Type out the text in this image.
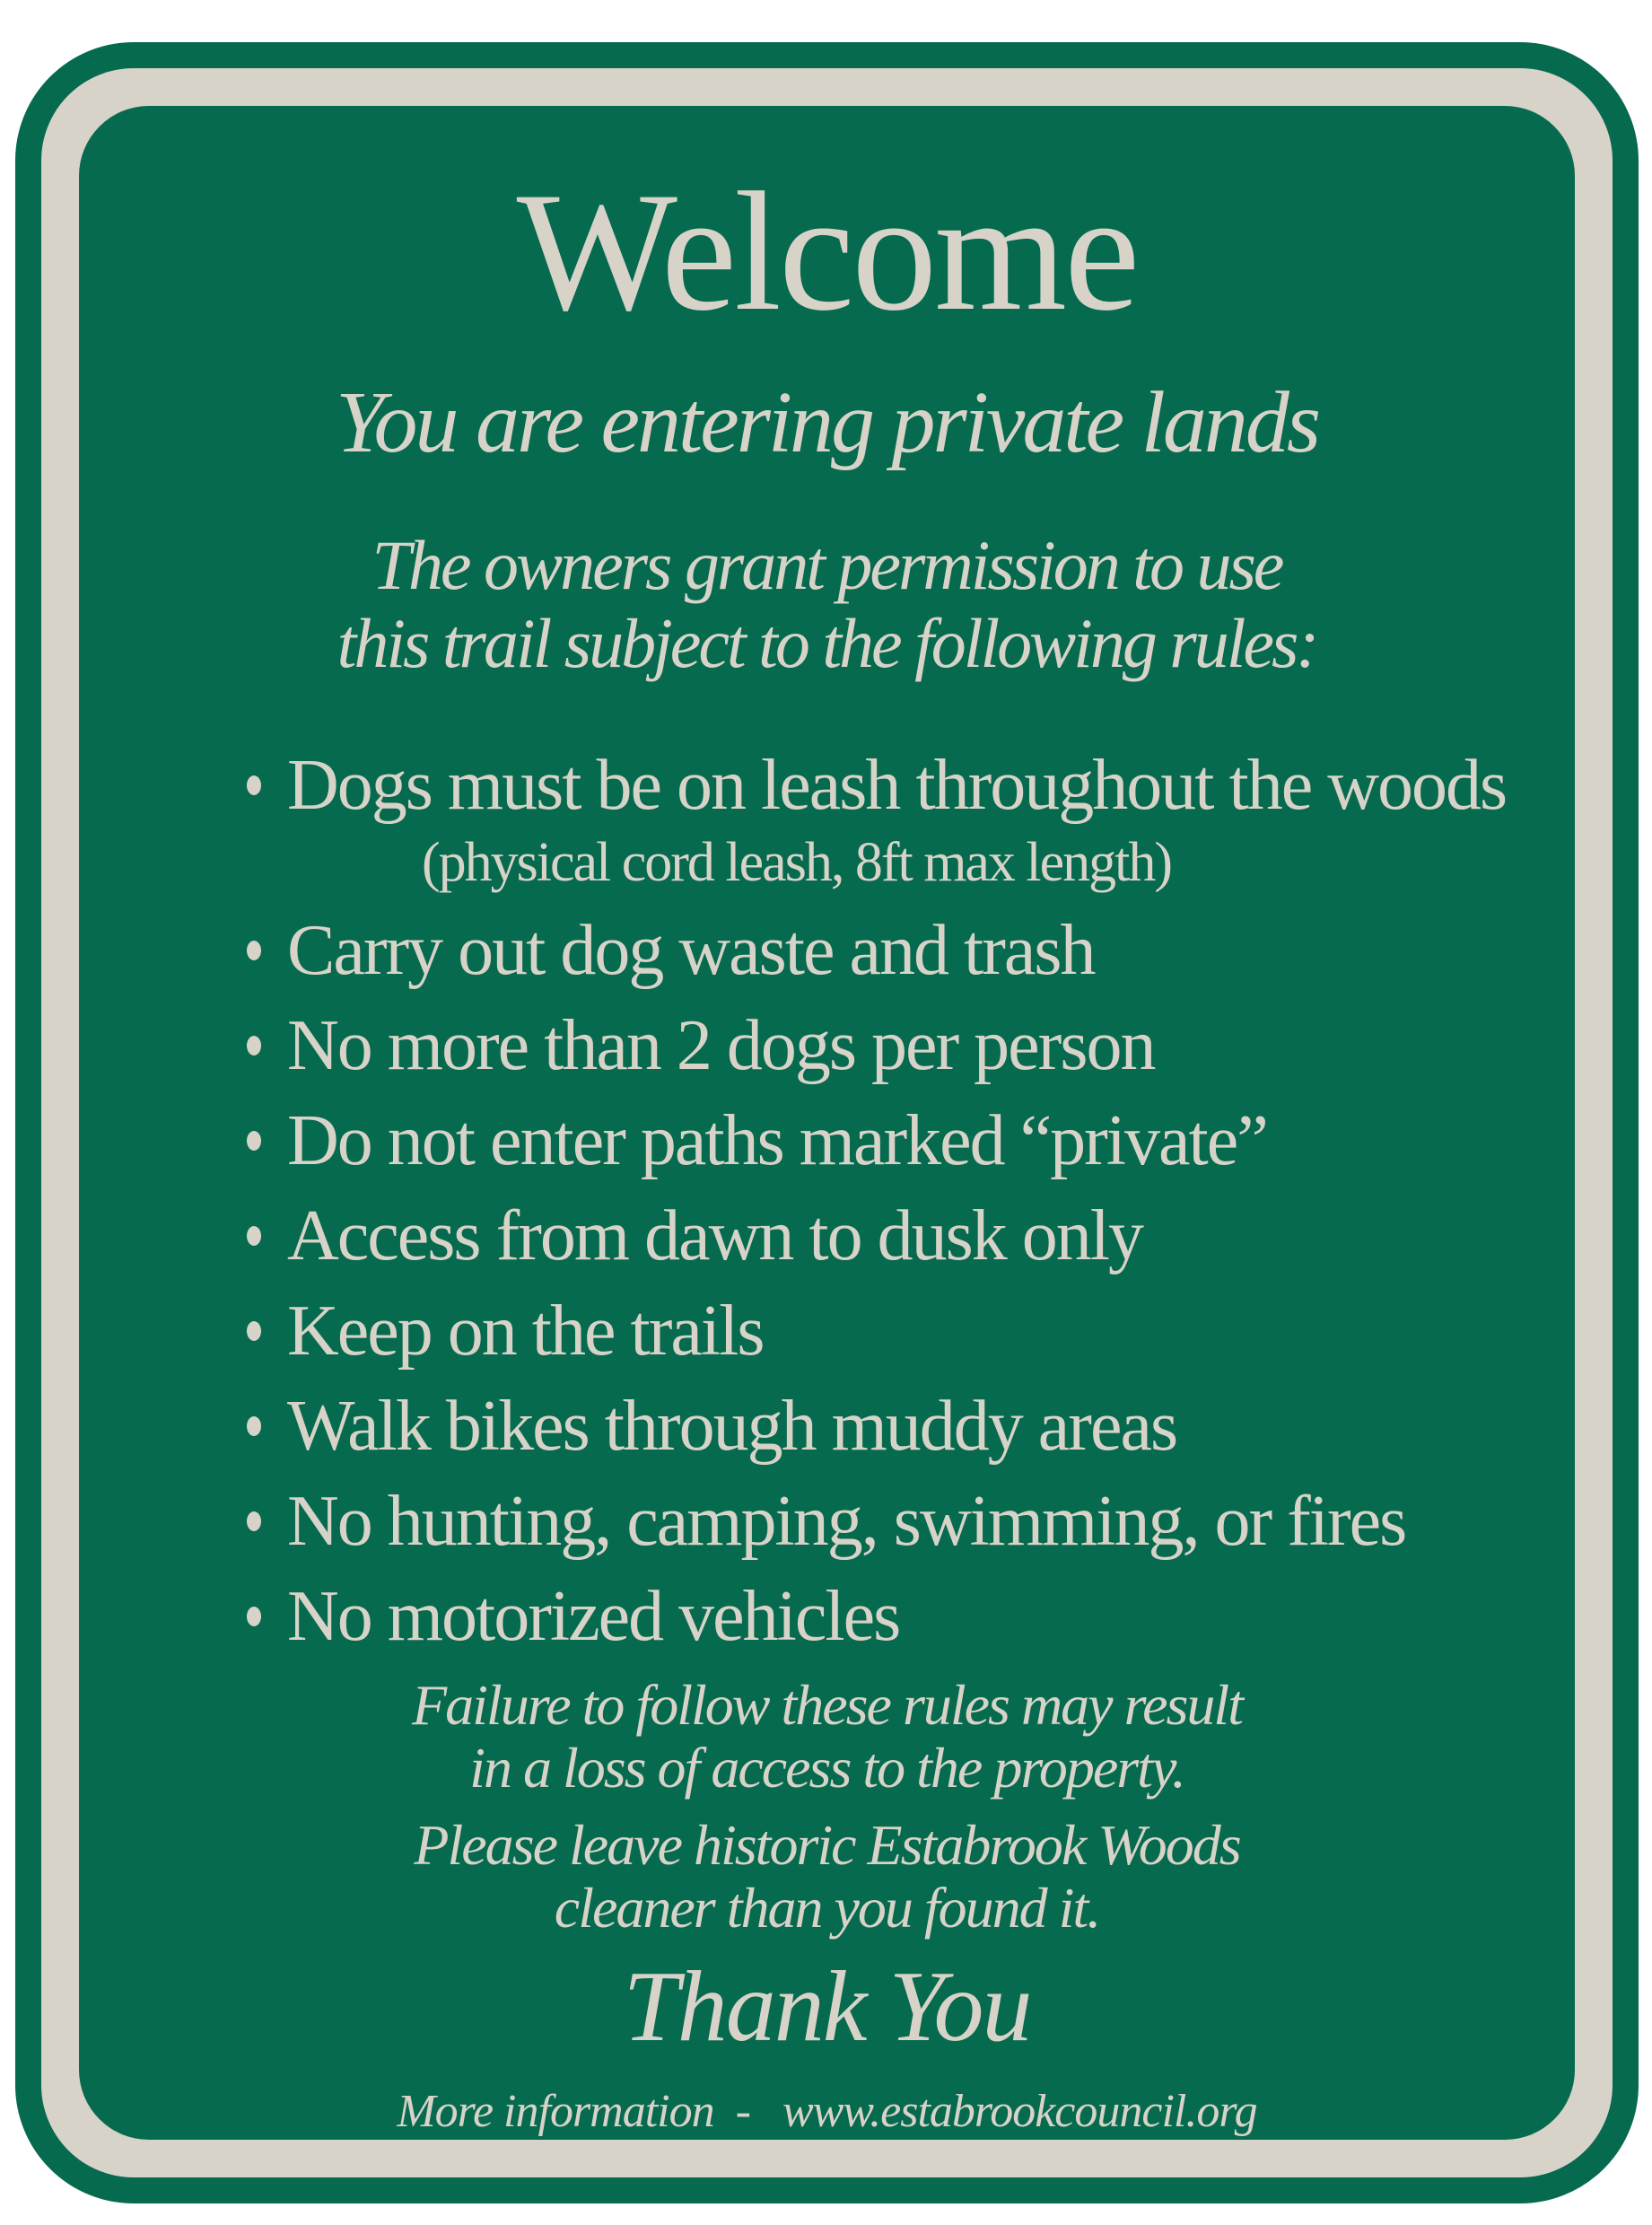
Welcome
You are entering private lands
The owners grant permission to use
this trail subject to the following rules:
Dogs must be on leash throughout the woods
(physical cord leash, 8ft max length)
Carry out dog waste and trash
No more than 2 dogs per person
Do not enter paths marked “private”
Access from dawn to dusk only
Keep on the trails
Walk bikes through muddy areas
No hunting, camping, swimming, or fires
No motorized vehicles
Failure to follow these rules may result
in a loss of access to the property.
Please leave historic Estabrook Woods
cleaner than you found it.
Thank You
More information  -   www.estabrookcouncil.org
